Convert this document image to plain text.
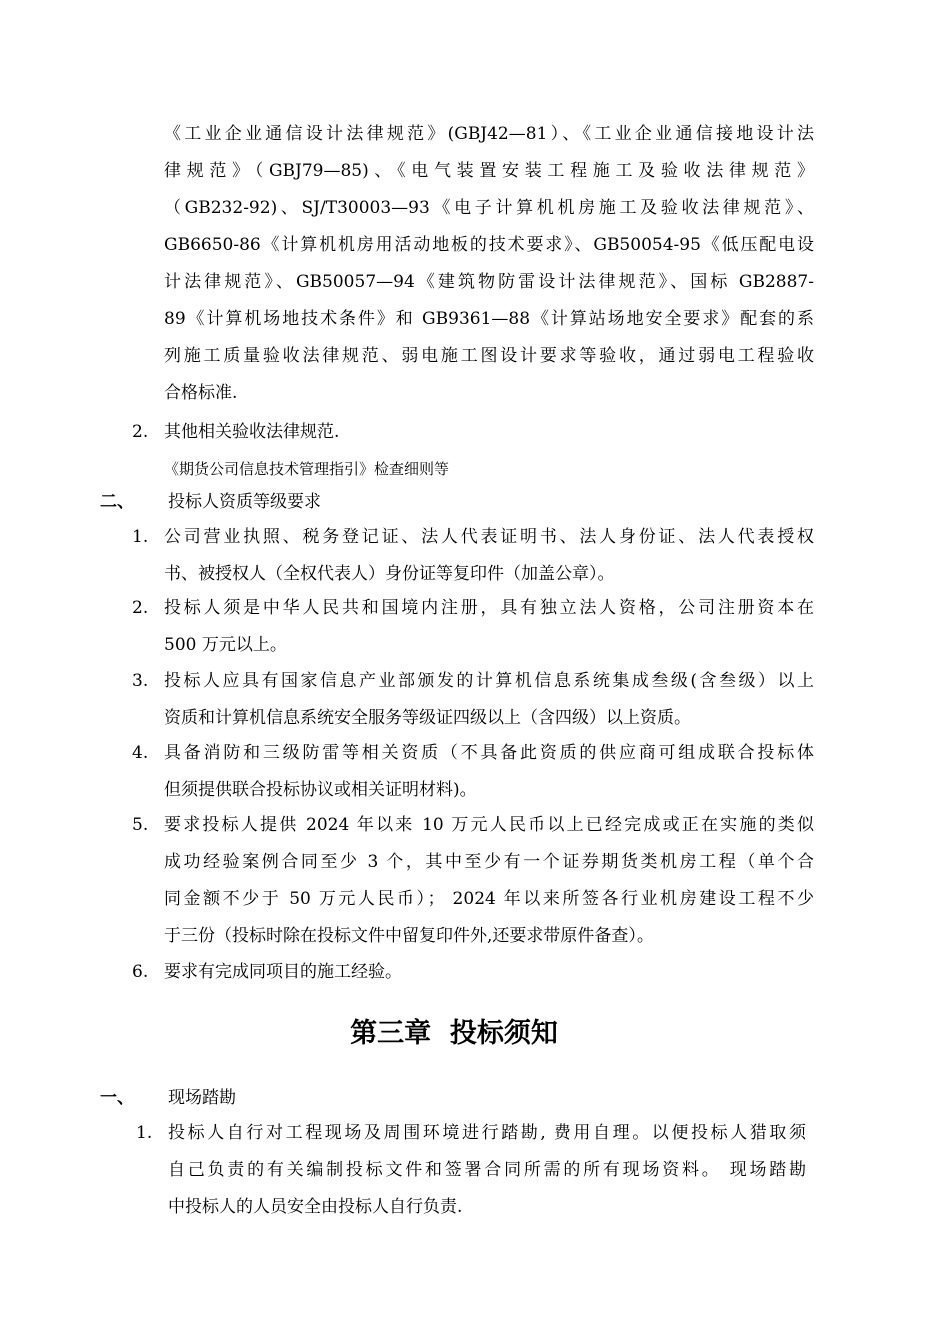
《工业企业通信设计法律规范》(GBJ42—81）、《工业企业通信接地设计法
律规范》（GBJ79—85)、《电气装置安装工程施工及验收法律规范》
（GB232-92)、SJ/T30003—93《电子计算机机房施工及验收法律规范》、
GB6650-86《计算机机房用活动地板的技术要求》、GB50054-95《低压配电设
计法律规范》、GB50057—94《建筑物防雷设计法律规范》、国标 GB2887-
89《计算机场地技术条件》和 GB9361—88《计算站场地安全要求》配套的系
列施工质量验收法律规范、弱电施工图设计要求等验收，通过弱电工程验收
合格标准.
2. 其他相关验收法律规范.
《期货公司信息技术管理指引》检查细则等
二、 投标人资质等级要求
1. 公司营业执照、税务登记证、法人代表证明书、法人身份证、法人代表授权
书、被授权人（全权代表人）身份证等复印件（加盖公章）。
2. 投标人须是中华人民共和国境内注册，具有独立法人资格，公司注册资本在
500 万元以上。
3. 投标人应具有国家信息产业部颁发的计算机信息系统集成叁级(含叁级）以上
资质和计算机信息系统安全服务等级证四级以上（含四级）以上资质。
4. 具备消防和三级防雷等相关资质（不具备此资质的供应商可组成联合投标体
但须提供联合投标协议或相关证明材料)。
5. 要求投标人提供 2024 年以来 10 万元人民币以上已经完成或正在实施的类似
成功经验案例合同至少 3 个，其中至少有一个证券期货类机房工程（单个合
同金额不少于 50 万元人民币）； 2024 年以来所签各行业机房建设工程不少
于三份（投标时除在投标文件中留复印件外,还要求带原件备查）。
6. 要求有完成同项目的施工经验。
第三章  投标须知
一、 现场踏勘
1. 投标人自行对工程现场及周围环境进行踏勘, 费用自理。以便投标人猎取须
自己负责的有关编制投标文件和签署合同所需的所有现场资料。 现场踏勘
中投标人的人员安全由投标人自行负责.
